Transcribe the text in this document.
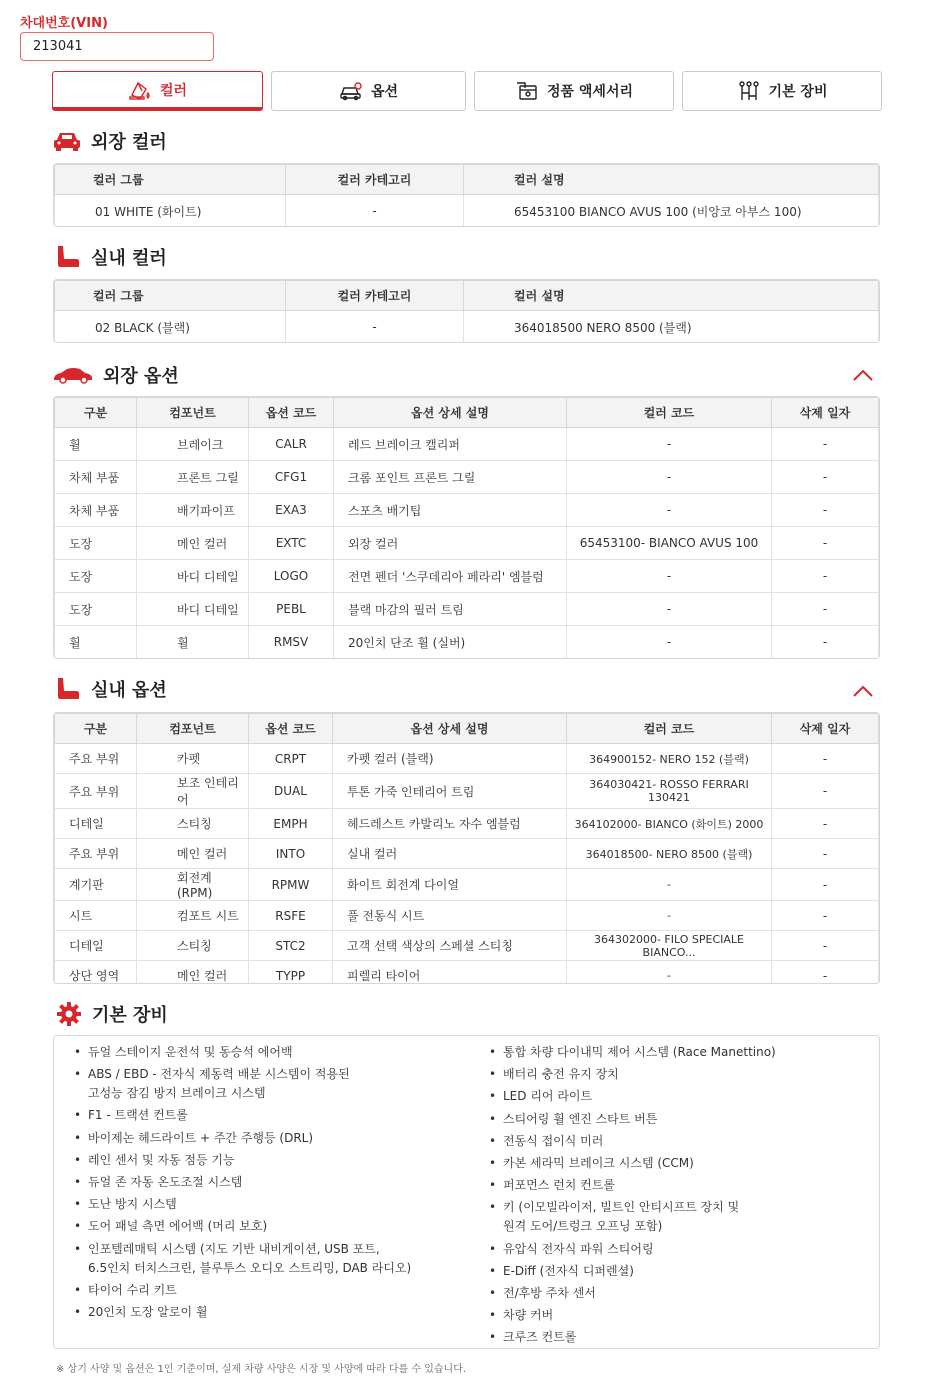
차대번호(VIN)
213041
컬러	옵션	정품 액세서리	기본 장비
외장 컬러
컬러 그룹	컬러 카테고리	컬러 설명
01 WHITE (화이트)	-	65453100 BIANCO AVUS 100 (비앙코 아부스 100)
실내 컬러
컬러 그룹	컬러 카테고리	컬러 설명
02 BLACK (블랙)	-	364018500 NERO 8500 (블랙)
외장 옵션
구분	컴포넌트	옵션 코드	옵션 상세 설명	컬러 코드	삭제 일자
휠	브레이크	CALR	레드 브레이크 캘리퍼	-	-
차체 부품	프론트 그릴	CFG1	크롬 포인트 프론트 그릴	-	-
차체 부품	배기파이프	EXA3	스포츠 배기팁	-	-
도장	메인 컬러	EXTC	외장 컬러	65453100- BIANCO AVUS 100	-
도장	바디 디테일	LOGO	전면 펜더 '스쿠데리아 페라리' 엠블럼	-	-
도장	바디 디테일	PEBL	블랙 마감의 필러 트림	-	-
휠	휠	RMSV	20인치 단조 휠 (실버)	-	-
실내 옵션
구분	컴포넌트	옵션 코드	옵션 상세 설명	컬러 코드	삭제 일자
주요 부위	카펫	CRPT	카펫 컬러 (블랙)	364900152- NERO 152 (블랙)	-
주요 부위	보조 인테리어	DUAL	투톤 가죽 인테리어 트림	364030421- ROSSO FERRARI 130421	-
디테일	스티칭	EMPH	헤드레스트 카발리노 자수 엠블럼	364102000- BIANCO (화이트) 2000	-
주요 부위	메인 컬러	INTO	실내 컬러	364018500- NERO 8500 (블랙)	-
계기판	회전계 (RPM)	RPMW	화이트 회전계 다이얼	-	-
시트	컴포트 시트	RSFE	풀 전동식 시트	-	-
디테일	스티칭	STC2	고객 선택 색상의 스페셜 스티칭	364302000- FILO SPECIALE BIANCO...	-
상단 영역	메인 컬러	TYPP	피렐리 타이어	-	-
기본 장비
• 듀얼 스테이지 운전석 및 동승석 에어백
• ABS / EBD - 전자식 제동력 배분 시스템이 적용된
고성능 잠김 방지 브레이크 시스템
• F1 - 트랙션 컨트롤
• 바이제논 헤드라이트 + 주간 주행등 (DRL)
• 레인 센서 및 자동 점등 기능
• 듀얼 존 자동 온도조절 시스템
• 도난 방지 시스템
• 도어 패널 측면 에어백 (머리 보호)
• 인포텔레매틱 시스템 (지도 기반 내비게이션, USB 포트,
6.5인치 터치스크린, 블루투스 오디오 스트리밍, DAB 라디오)
• 타이어 수리 키트
• 20인치 도장 알로이 휠
• 통합 차량 다이내믹 제어 시스템 (Race Manettino)
• 배터리 충전 유지 장치
• LED 리어 라이트
• 스티어링 휠 엔진 스타트 버튼
• 전동식 접이식 미러
• 카본 세라믹 브레이크 시스템 (CCM)
• 퍼포먼스 런치 컨트롤
• 키 (이모빌라이저, 빌트인 안티시프트 장치 및
원격 도어/트렁크 오프닝 포함)
• 유압식 전자식 파워 스티어링
• E-Diff (전자식 디퍼렌셜)
• 전/후방 주차 센서
• 차량 커버
• 크루즈 컨트롤
※ 상기 사양 및 옵션은 1인 기준이며, 실제 차량 사양은 시장 및 사양에 따라 다를 수 있습니다.
